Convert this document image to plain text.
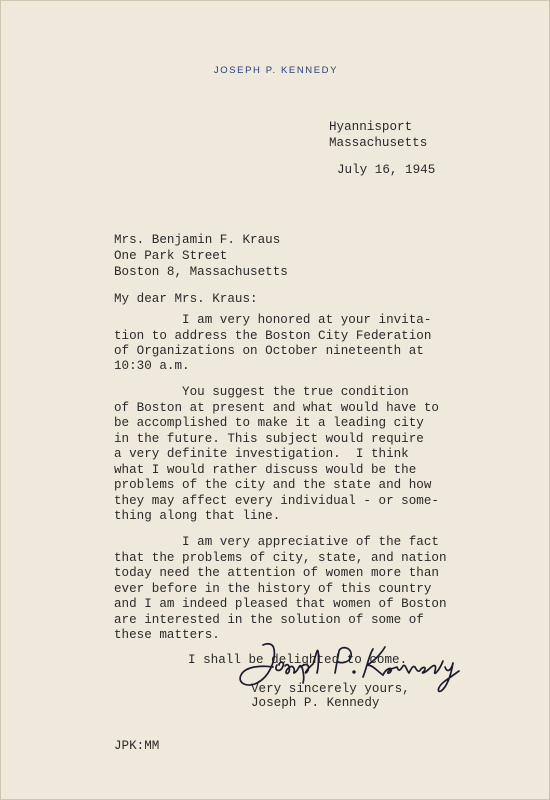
JOSEPH P. KENNEDY
Hyannisport
Massachusetts
July 16, 1945
Mrs. Benjamin F. Kraus
One Park Street
Boston 8, Massachusetts
My dear Mrs. Kraus:
I am very honored at your invita-
tion to address the Boston City Federation
of Organizations on October nineteenth at
10:30 a.m.
You suggest the true condition
of Boston at present and what would have to
be accomplished to make it a leading city
in the future. This subject would require
a very definite investigation.  I think
what I would rather discuss would be the
problems of the city and the state and how
they may affect every individual - or some-
thing along that line.
I am very appreciative of the fact
that the problems of city, state, and nation
today need the attention of women more than
ever before in the history of this country
and I am indeed pleased that women of Boston
are interested in the solution of some of
these matters.
I shall be delighted to come.
Very sincerely yours,
Joseph P. Kennedy
JPK:MM
